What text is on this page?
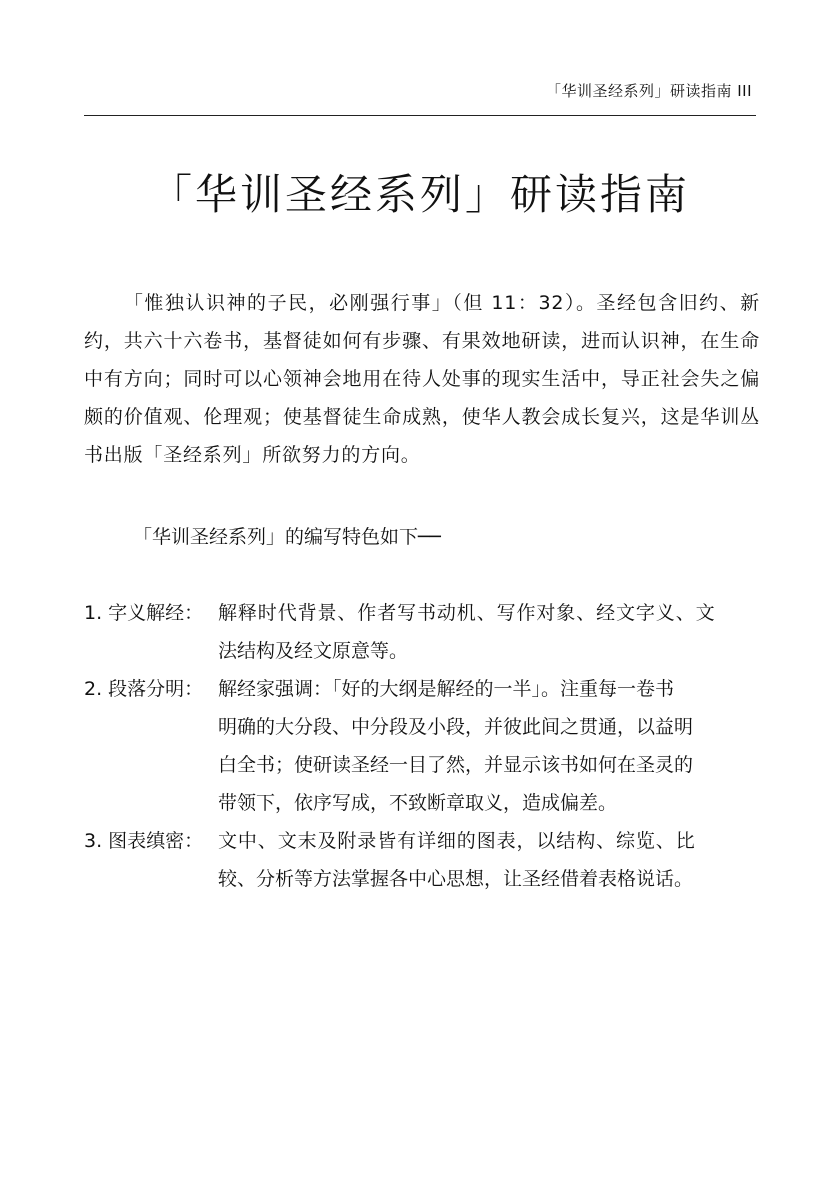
「华训圣经系列」研读指南 III
「华训圣经系列」研读指南

「惟独认识神的子民，必刚强行事」（但 11：32）。圣经包含旧约、新约，共六十六卷书，基督徒如何有步骤、有果效地研读，进而认识神，在生命中有方向；同时可以心领神会地用在待人处事的现实生活中，导正社会失之偏颇的价值观、伦理观；使基督徒生命成熟，使华人教会成长复兴，这是华训丛书出版「圣经系列」所欲努力的方向。

「华训圣经系列」的编写特色如下──
1. 字义解经： 解释时代背景、作者写书动机、写作对象、经文字义、文
法结构及经文原意等。
2. 段落分明： 解经家强调：「好的大纲是解经的一半」。注重每一卷书
明确的大分段、中分段及小段，并彼此间之贯通，以益明
白全书；使研读圣经一目了然，并显示该书如何在圣灵的
带领下，依序写成，不致断章取义，造成偏差。
3. 图表缜密： 文中、文末及附录皆有详细的图表，以结构、综览、比
较、分析等方法掌握各中心思想，让圣经借着表格说话。
